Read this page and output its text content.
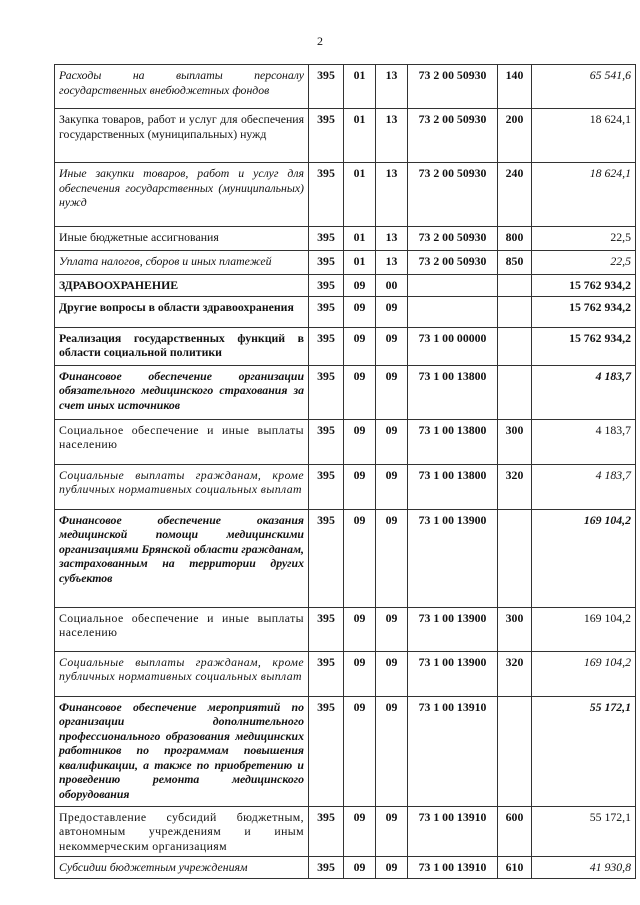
2
Расходы на выплаты персоналу государственных внебюджетных фондов	395	01	13	73 2 00 50930	140	65 541,6
Закупка товаров, работ и услуг для обеспечения государственных (муниципальных) нужд	395	01	13	73 2 00 50930	200	18 624,1
Иные закупки товаров, работ и услуг для обеспечения государственных (муниципальных) нужд	395	01	13	73 2 00 50930	240	18 624,1
Иные бюджетные ассигнования	395	01	13	73 2 00 50930	800	22,5
Уплата налогов, сборов и иных платежей	395	01	13	73 2 00 50930	850	22,5
ЗДРАВООХРАНЕНИЕ	395	09	00			15 762 934,2
Другие вопросы в области здравоохранения	395	09	09			15 762 934,2
Реализация государственных функций в области социальной политики	395	09	09	73 1 00 00000		15 762 934,2
Финансовое обеспечение организации обязательного медицинского страхования за счет иных источников	395	09	09	73 1 00 13800		4 183,7
Социальное обеспечение и иные выплаты населению	395	09	09	73 1 00 13800	300	4 183,7
Социальные выплаты гражданам, кроме публичных нормативных социальных выплат	395	09	09	73 1 00 13800	320	4 183,7
Финансовое обеспечение оказания медицинской помощи медицинскими организациями Брянской области гражданам, застрахованным на территории других субъектов	395	09	09	73 1 00 13900		169 104,2
Социальное обеспечение и иные выплаты населению	395	09	09	73 1 00 13900	300	169 104,2
Социальные выплаты гражданам, кроме публичных нормативных социальных выплат	395	09	09	73 1 00 13900	320	169 104,2
Финансовое обеспечение мероприятий по организации дополнительного профессионального образования медицинских работников по программам повышения квалификации, а также по приобретению и проведению ремонта медицинского оборудования	395	09	09	73 1 00 13910		55 172,1
Предоставление субсидий бюджетным, автономным учреждениям и иным некоммерческим организациям	395	09	09	73 1 00 13910	600	55 172,1
Субсидии бюджетным учреждениям	395	09	09	73 1 00 13910	610	41 930,8
